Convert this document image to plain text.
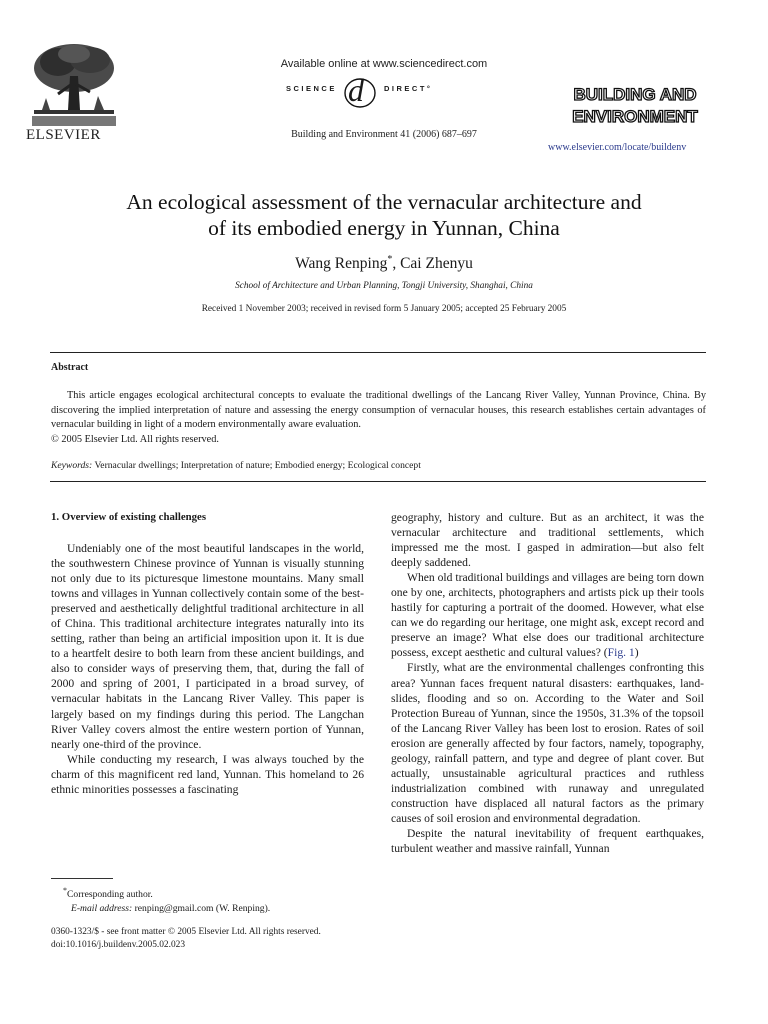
ELSEVIER
Available online at www.sciencedirect.com
SCIENCE d	DIRECT°
Building and Environment 41 (2006) 687–697
BUILDING AND
ENVIRONMENT
www.elsevier.com/locate/buildenv
An ecological assessment of the vernacular architecture and
of its embodied energy in Yunnan, China
Wang Renping*, Cai Zhenyu
School of Architecture and Urban Planning, Tongji University, Shanghai, China
Received 1 November 2003; received in revised form 5 January 2005; accepted 25 February 2005
Abstract
This article engages ecological architectural concepts to evaluate the traditional dwellings of the Lancang River Valley, Yunnan Province, China. By discovering the implied interpretation of nature and assessing the energy consumption of vernacular houses, this research establishes certain advantages of vernacular building in light of a modern environmentally aware evaluation.
© 2005 Elsevier Ltd. All rights reserved.
Keywords: Vernacular dwellings; Interpretation of nature; Embodied energy; Ecological concept
1. Overview of existing challenges

Undeniably one of the most beautiful landscapes in the world, the southwestern Chinese province of Yunnan is visually stunning not only due to its picturesque limestone mountains. Many small towns and villages in Yunnan collectively contain some of the best-preserved and aesthetically delightful traditional architecture in all of China. This traditional architecture integrates naturally into its setting, rather than being an artificial imposition upon it. It is due to a heartfelt desire to both learn from these ancient buildings, and also to consider ways of preserving them, that, during the fall of 2000 and spring of 2001, I participated in a broad survey, of vernacular habitats in the Lancang River Valley. This paper is largely based on my findings during this period. The Langchan River Valley covers almost the entire western portion of Yunnan, nearly one-third of the province.

While conducting my research, I was always touched by the charm of this magnificent red land, Yunnan. This homeland to 26 ethnic minorities possesses a fascinating

geography, history and culture. But as an architect, it was the vernacular architecture and traditional settlements, which impressed me the most. I gasped in admiration—but also felt deeply saddened.

When old traditional buildings and villages are being torn down one by one, architects, photographers and artists pick up their tools hastily for capturing a portrait of the doomed. However, what else can we do regarding our heritage, one might ask, except record and preserve an image? What else does our traditional architecture possess, except aesthetic and cultural values? (Fig. 1)

Firstly, what are the environmental challenges confronting this area? Yunnan faces frequent natural disasters: earthquakes, land-slides, flooding and so on. According to the Water and Soil Protection Bureau of Yunnan, since the 1950s, 31.3% of the topsoil of the Lancang River Valley has been lost to erosion. Rates of soil erosion are generally affected by four factors, namely, topography, geology, rainfall pattern, and type and degree of plant cover. But actually, unsustainable agricultural practices and ruthless industrialization combined with runaway and unregulated construction have displaced all natural factors as the primary causes of soil erosion and environmental degradation.

Despite the natural inevitability of frequent earthquakes, turbulent weather and massive rainfall, Yunnan

*Corresponding author.
E-mail address: renping@gmail.com (W. Renping).
0360-1323/$ - see front matter © 2005 Elsevier Ltd. All rights reserved.
doi:10.1016/j.buildenv.2005.02.023
